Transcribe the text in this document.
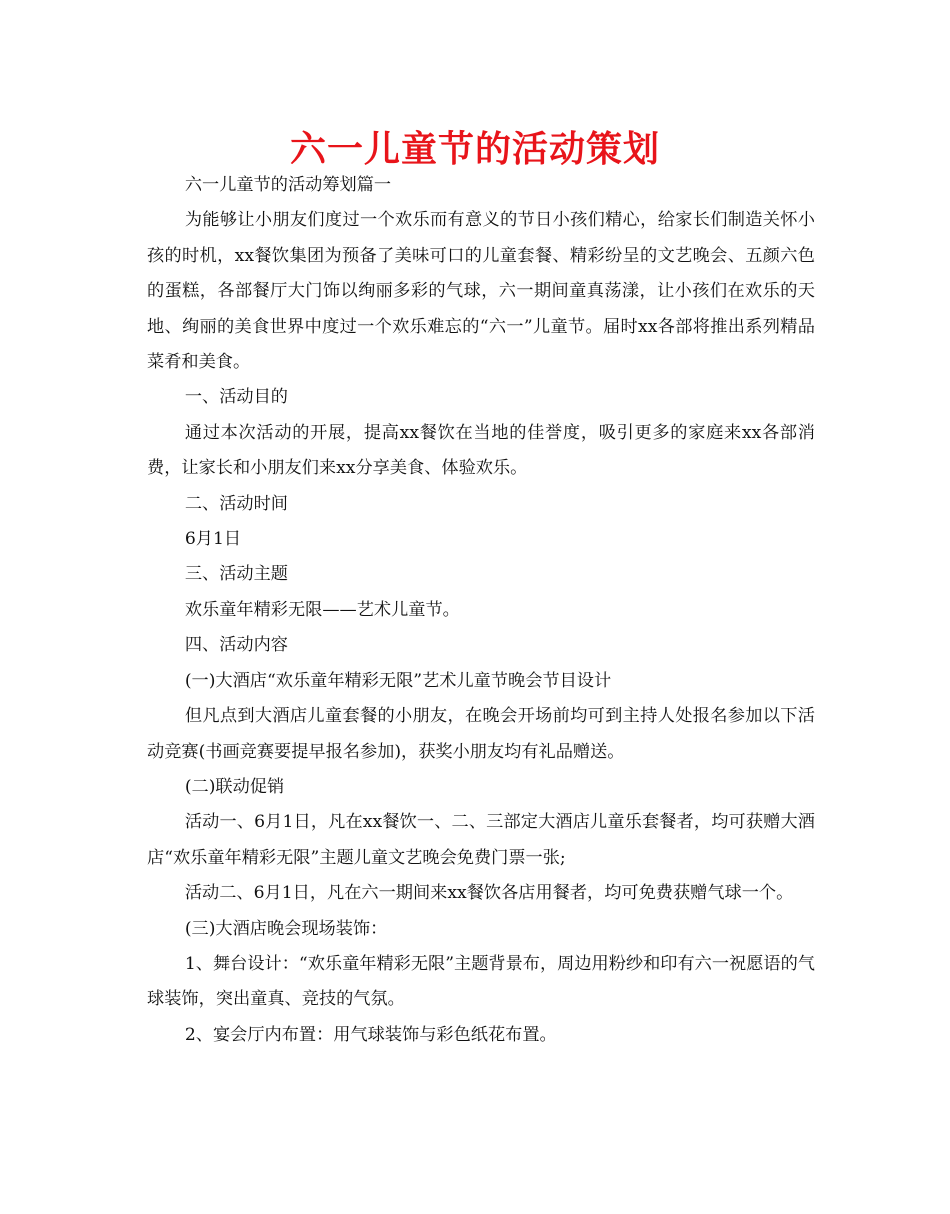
六一儿童节的活动策划

六一儿童节的活动筹划篇一

为能够让小朋友们度过一个欢乐而有意义的节日小孩们精心，给家长们制造关怀小孩的时机，xx餐饮集团为预备了美味可口的儿童套餐、精彩纷呈的文艺晚会、五颜六色的蛋糕，各部餐厅大门饰以绚丽多彩的气球，六一期间童真荡漾，让小孩们在欢乐的天地、绚丽的美食世界中度过一个欢乐难忘的“六一”儿童节。届时xx各部将推出系列精品菜肴和美食。

一、活动目的

通过本次活动的开展，提高xx餐饮在当地的佳誉度，吸引更多的家庭来xx各部消费，让家长和小朋友们来xx分享美食、体验欢乐。

二、活动时间

6月1日

三、活动主题

欢乐童年精彩无限——艺术儿童节。

四、活动内容

(一)大酒店“欢乐童年精彩无限”艺术儿童节晚会节目设计

但凡点到大酒店儿童套餐的小朋友，在晚会开场前均可到主持人处报名参加以下活动竞赛(书画竞赛要提早报名参加)，获奖小朋友均有礼品赠送。

(二)联动促销

活动一、6月1日，凡在xx餐饮一、二、三部定大酒店儿童乐套餐者，均可获赠大酒店“欢乐童年精彩无限”主题儿童文艺晚会免费门票一张;

活动二、6月1日，凡在六一期间来xx餐饮各店用餐者，均可免费获赠气球一个。

(三)大酒店晚会现场装饰：

1、舞台设计：“欢乐童年精彩无限”主题背景布，周边用粉纱和印有六一祝愿语的气球装饰，突出童真、竞技的气氛。

2、宴会厅内布置：用气球装饰与彩色纸花布置。
